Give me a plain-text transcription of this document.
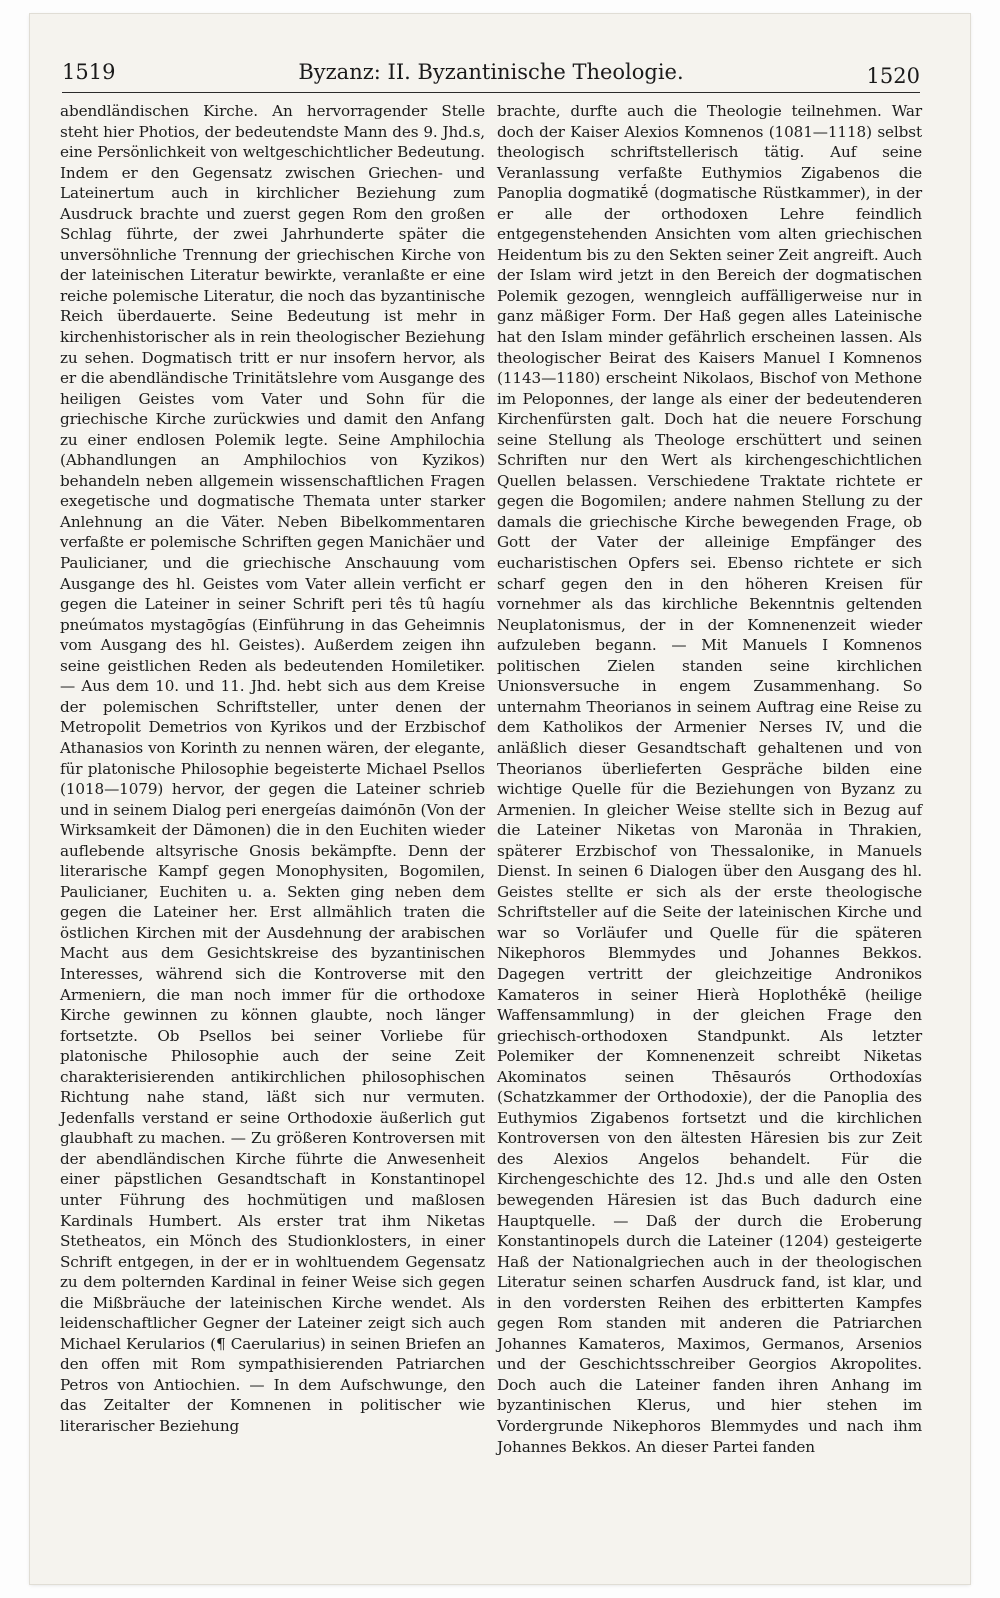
1519	Byzanz: II. Byzantinische Theologie.	1520

abendländischen Kirche. An hervorragender Stelle steht hier Photios, der bedeutendste Mann des 9. Jhd.s, eine Persönlichkeit von weltgeschichtlicher Bedeutung. Indem er den Gegensatz zwischen Griechen- und Lateinertum auch in kirchlicher Beziehung zum Ausdruck brachte und zuerst gegen Rom den großen Schlag führte, der zwei Jahrhunderte später die unversöhnliche Trennung der griechischen Kirche von der lateinischen Literatur bewirkte, veranlaßte er eine reiche polemische Literatur, die noch das byzantinische Reich überdauerte. Seine Bedeutung ist mehr in kirchenhistorischer als in rein theologischer Beziehung zu sehen. Dogmatisch tritt er nur insofern hervor, als er die abendländische Trinitätslehre vom Ausgange des heiligen Geistes vom Vater und Sohn für die griechische Kirche zurückwies und damit den Anfang zu einer endlosen Polemik legte. Seine Amphilochia (Abhandlungen an Amphilochios von Kyzikos) behandeln neben allgemein wissenschaftlichen Fragen exegetische und dogmatische Themata unter starker Anlehnung an die Väter. Neben Bibelkommentaren verfaßte er polemische Schriften gegen Manichäer und Paulicianer, und die griechische Anschauung vom Ausgange des hl. Geistes vom Vater allein verficht er gegen die Lateiner in seiner Schrift peri tês tû hagíu pneúmatos mystagōgías (Einführung in das Geheimnis vom Ausgang des hl. Geistes). Außerdem zeigen ihn seine geistlichen Reden als bedeutenden Homiletiker. — Aus dem 10. und 11. Jhd. hebt sich aus dem Kreise der polemischen Schriftsteller, unter denen der Metropolit Demetrios von Kyrikos und der Erzbischof Athanasios von Korinth zu nennen wären, der elegante, für platonische Philosophie begeisterte Michael Psellos (1018—1079) hervor, der gegen die Lateiner schrieb und in seinem Dialog peri energeías daimónōn (Von der Wirksamkeit der Dämonen) die in den Euchiten wieder auflebende altsyrische Gnosis bekämpfte. Denn der literarische Kampf gegen Monophysiten, Bogomilen, Paulicianer, Euchiten u. a. Sekten ging neben dem gegen die Lateiner her. Erst allmählich traten die östlichen Kirchen mit der Ausdehnung der arabischen Macht aus dem Gesichtskreise des byzantinischen Interesses, während sich die Kontroverse mit den Armeniern, die man noch immer für die orthodoxe Kirche gewinnen zu können glaubte, noch länger fortsetzte. Ob Psellos bei seiner Vorliebe für platonische Philosophie auch der seine Zeit charakterisierenden antikirchlichen philosophischen Richtung nahe stand, läßt sich nur vermuten. Jedenfalls verstand er seine Orthodoxie äußerlich gut glaubhaft zu machen. — Zu größeren Kontroversen mit der abendländischen Kirche führte die Anwesenheit einer päpstlichen Gesandtschaft in Konstantinopel unter Führung des hochmütigen und maßlosen Kardinals Humbert. Als erster trat ihm Niketas Stetheatos, ein Mönch des Studionklosters, in einer Schrift entgegen, in der er in wohltuendem Gegensatz zu dem polternden Kardinal in feiner Weise sich gegen die Mißbräuche der lateinischen Kirche wendet. Als leidenschaftlicher Gegner der Lateiner zeigt sich auch Michael Kerularios (¶ Caerularius) in seinen Briefen an den offen mit Rom sympathisierenden Patriarchen Petros von Antiochien. — In dem Aufschwunge, den das Zeitalter der Komnenen in politischer wie literarischer Beziehung

brachte, durfte auch die Theologie teilnehmen. War doch der Kaiser Alexios Komnenos (1081—1118) selbst theologisch schriftstellerisch tätig. Auf seine Veranlassung verfaßte Euthymios Zigabenos die Panoplia dogmatikḗ (dogmatische Rüstkammer), in der er alle der orthodoxen Lehre feindlich entgegenstehenden Ansichten vom alten griechischen Heidentum bis zu den Sekten seiner Zeit angreift. Auch der Islam wird jetzt in den Bereich der dogmatischen Polemik gezogen, wenngleich auffälligerweise nur in ganz mäßiger Form. Der Haß gegen alles Lateinische hat den Islam minder gefährlich erscheinen lassen. Als theologischer Beirat des Kaisers Manuel I Komnenos (1143—1180) erscheint Nikolaos, Bischof von Methone im Peloponnes, der lange als einer der bedeutenderen Kirchenfürsten galt. Doch hat die neuere Forschung seine Stellung als Theologe erschüttert und seinen Schriften nur den Wert als kirchengeschichtlichen Quellen belassen. Verschiedene Traktate richtete er gegen die Bogomilen; andere nahmen Stellung zu der damals die griechische Kirche bewegenden Frage, ob Gott der Vater der alleinige Empfänger des eucharistischen Opfers sei. Ebenso richtete er sich scharf gegen den in den höheren Kreisen für vornehmer als das kirchliche Bekenntnis geltenden Neuplatonismus, der in der Komnenenzeit wieder aufzuleben begann. — Mit Manuels I Komnenos politischen Zielen standen seine kirchlichen Unionsversuche in engem Zusammenhang. So unternahm Theorianos in seinem Auftrag eine Reise zu dem Katholikos der Armenier Nerses IV, und die anläßlich dieser Gesandtschaft gehaltenen und von Theorianos überlieferten Gespräche bilden eine wichtige Quelle für die Beziehungen von Byzanz zu Armenien. In gleicher Weise stellte sich in Bezug auf die Lateiner Niketas von Maronäa in Thrakien, späterer Erzbischof von Thessalonike, in Manuels Dienst. In seinen 6 Dialogen über den Ausgang des hl. Geistes stellte er sich als der erste theologische Schriftsteller auf die Seite der lateinischen Kirche und war so Vorläufer und Quelle für die späteren Nikephoros Blemmydes und Johannes Bekkos. Dagegen vertritt der gleichzeitige Andronikos Kamateros in seiner Hierà Hoplothḗkē (heilige Waffensammlung) in der gleichen Frage den griechisch-orthodoxen Standpunkt. Als letzter Polemiker der Komnenenzeit schreibt Niketas Akominatos seinen Thēsaurós Orthodoxías (Schatzkammer der Orthodoxie), der die Panoplia des Euthymios Zigabenos fortsetzt und die kirchlichen Kontroversen von den ältesten Häresien bis zur Zeit des Alexios Angelos behandelt. Für die Kirchengeschichte des 12. Jhd.s und alle den Osten bewegenden Häresien ist das Buch dadurch eine Hauptquelle. — Daß der durch die Eroberung Konstantinopels durch die Lateiner (1204) gesteigerte Haß der Nationalgriechen auch in der theologischen Literatur seinen scharfen Ausdruck fand, ist klar, und in den vordersten Reihen des erbitterten Kampfes gegen Rom standen mit anderen die Patriarchen Johannes Kamateros, Maximos, Germanos, Arsenios und der Geschichtsschreiber Georgios Akropolites. Doch auch die Lateiner fanden ihren Anhang im byzantinischen Klerus, und hier stehen im Vordergrunde Nikephoros Blemmydes und nach ihm Johannes Bekkos. An dieser Partei fanden
